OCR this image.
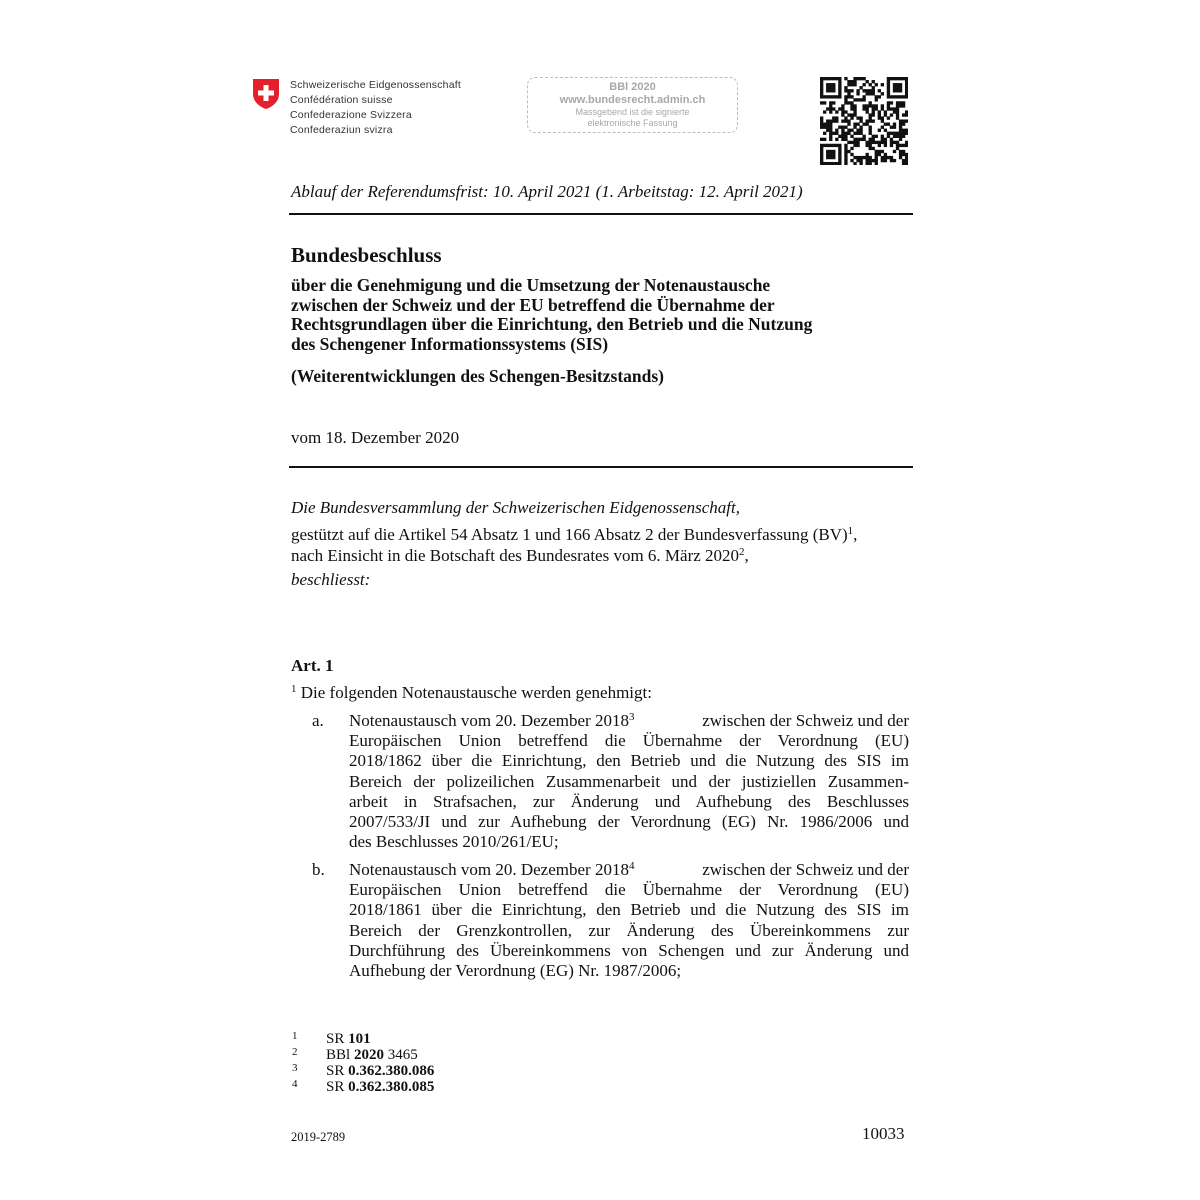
Schweizerische Eidgenossenschaft
Confédération suisse
Confederazione Svizzera
Confederaziun svizra
BBl 2020
www.bundesrecht.admin.ch
Massgebend ist die signierte
elektronische Fassung
Ablauf der Referendumsfrist: 10. April 2021 (1. Arbeitstag: 12. April 2021)
Bundesbeschluss
über die Genehmigung und die Umsetzung der Notenaustausche
zwischen der Schweiz und der EU betreffend die Übernahme der
Rechtsgrundlagen über die Einrichtung, den Betrieb und die Nutzung
des Schengener Informationssystems (SIS)
(Weiterentwicklungen des Schengen-Besitzstands)
vom 18. Dezember 2020
Die Bundesversammlung der Schweizerischen Eidgenossenschaft,
gestützt auf die Artikel 54 Absatz 1 und 166 Absatz 2 der Bundesverfassung (BV)$^1$,
nach Einsicht in die Botschaft des Bundesrates vom 6. März 2020$^2$,
beschliesst:
Art. 1
$^1$ Die folgenden Notenaustausche werden genehmigt:
a. Notenaustausch vom 20. Dezember 2018$^3$	zwischen der Schweiz und der
Europäischen Union betreffend die Übernahme der Verordnung (EU)
2018/1862 über die Einrichtung, den Betrieb und die Nutzung des SIS im
Bereich der polizeilichen Zusammenarbeit und der justiziellen Zusammen-
arbeit in Strafsachen, zur Änderung und Aufhebung des Beschlusses
2007/533/JI und zur Aufhebung der Verordnung (EG) Nr. 1986/2006 und
des Beschlusses 2010/261/EU;
b. Notenaustausch vom 20. Dezember 2018$^4$	zwischen der Schweiz und der
Europäischen Union betreffend die Übernahme der Verordnung (EU)
2018/1861 über die Einrichtung, den Betrieb und die Nutzung des SIS im
Bereich der Grenzkontrollen, zur Änderung des Übereinkommens zur
Durchführung des Übereinkommens von Schengen und zur Änderung und
Aufhebung der Verordnung (EG) Nr. 1987/2006;
1 SR 101
2 BBl 2020 3465
3 SR 0.362.380.086
4 SR 0.362.380.085
2019-2789	10033
